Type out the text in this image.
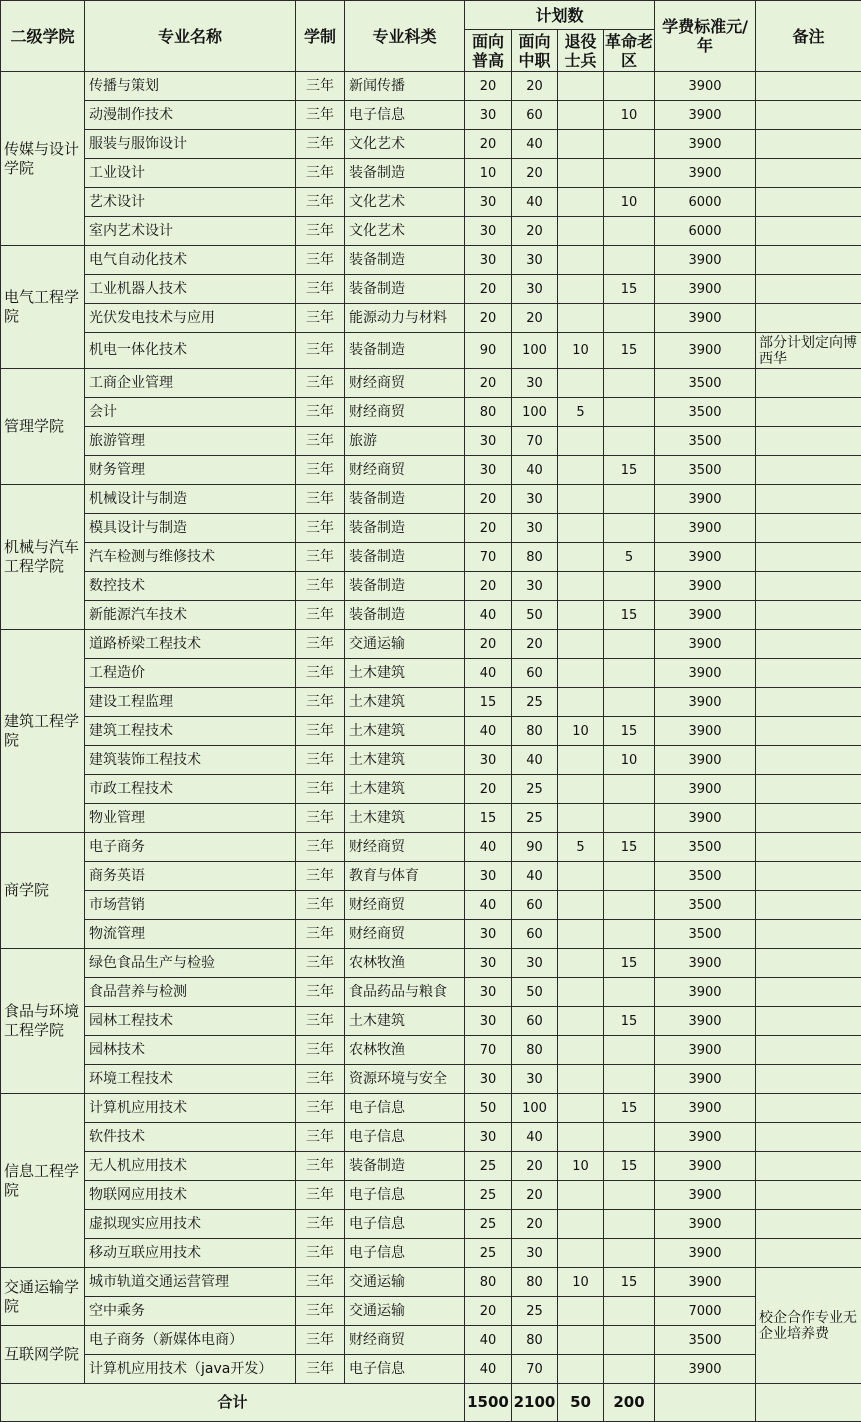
二级学院	专业名称	学制	专业科类	计划数				学费标准元/年	备注
				面向普高	面向中职	退役士兵	革命老区		
传媒与设计学院	传播与策划	三年	新闻传播	20	20			3900	
	动漫制作技术	三年	电子信息	30	60		10	3900	
	服装与服饰设计	三年	文化艺术	20	40			3900	
	工业设计	三年	装备制造	10	20			3900	
	艺术设计	三年	文化艺术	30	40		10	6000	
	室内艺术设计	三年	文化艺术	30	20			6000	
电气工程学院	电气自动化技术	三年	装备制造	30	30			3900	
	工业机器人技术	三年	装备制造	20	30		15	3900	
	光伏发电技术与应用	三年	能源动力与材料	20	20			3900	
	机电一体化技术	三年	装备制造	90	100	10	15	3900	部分计划定向博西华
管理学院	工商企业管理	三年	财经商贸	20	30			3500	
	会计	三年	财经商贸	80	100	5		3500	
	旅游管理	三年	旅游	30	70			3500	
	财务管理	三年	财经商贸	30	40		15	3500	
机械与汽车工程学院	机械设计与制造	三年	装备制造	20	30			3900	
	模具设计与制造	三年	装备制造	20	30			3900	
	汽车检测与维修技术	三年	装备制造	70	80		5	3900	
	数控技术	三年	装备制造	20	30			3900	
	新能源汽车技术	三年	装备制造	40	50		15	3900	
建筑工程学院	道路桥梁工程技术	三年	交通运输	20	20			3900	
	工程造价	三年	土木建筑	40	60			3900	
	建设工程监理	三年	土木建筑	15	25			3900	
	建筑工程技术	三年	土木建筑	40	80	10	15	3900	
	建筑装饰工程技术	三年	土木建筑	30	40		10	3900	
	市政工程技术	三年	土木建筑	20	25			3900	
	物业管理	三年	土木建筑	15	25			3900	
商学院	电子商务	三年	财经商贸	40	90	5	15	3500	
	商务英语	三年	教育与体育	30	40			3500	
	市场营销	三年	财经商贸	40	60			3500	
	物流管理	三年	财经商贸	30	60			3500	
食品与环境工程学院	绿色食品生产与检验	三年	农林牧渔	30	30		15	3900	
	食品营养与检测	三年	食品药品与粮食	30	50			3900	
	园林工程技术	三年	土木建筑	30	60		15	3900	
	园林技术	三年	农林牧渔	70	80			3900	
	环境工程技术	三年	资源环境与安全	30	30			3900	
信息工程学院	计算机应用技术	三年	电子信息	50	100		15	3900	
	软件技术	三年	电子信息	30	40			3900	
	无人机应用技术	三年	装备制造	25	20	10	15	3900	
	物联网应用技术	三年	电子信息	25	20			3900	
	虚拟现实应用技术	三年	电子信息	25	20			3900	
	移动互联应用技术	三年	电子信息	25	30			3900	
交通运输学院	城市轨道交通运营管理	三年	交通运输	80	80	10	15	3900	校企合作专业无企业培养费
	空中乘务	三年	交通运输	20	25			7000	
互联网学院	电子商务（新媒体电商）	三年	财经商贸	40	80			3500	
	计算机应用技术（java开发）	三年	电子信息	40	70			3900	
合计				1500	2100	50	200		
